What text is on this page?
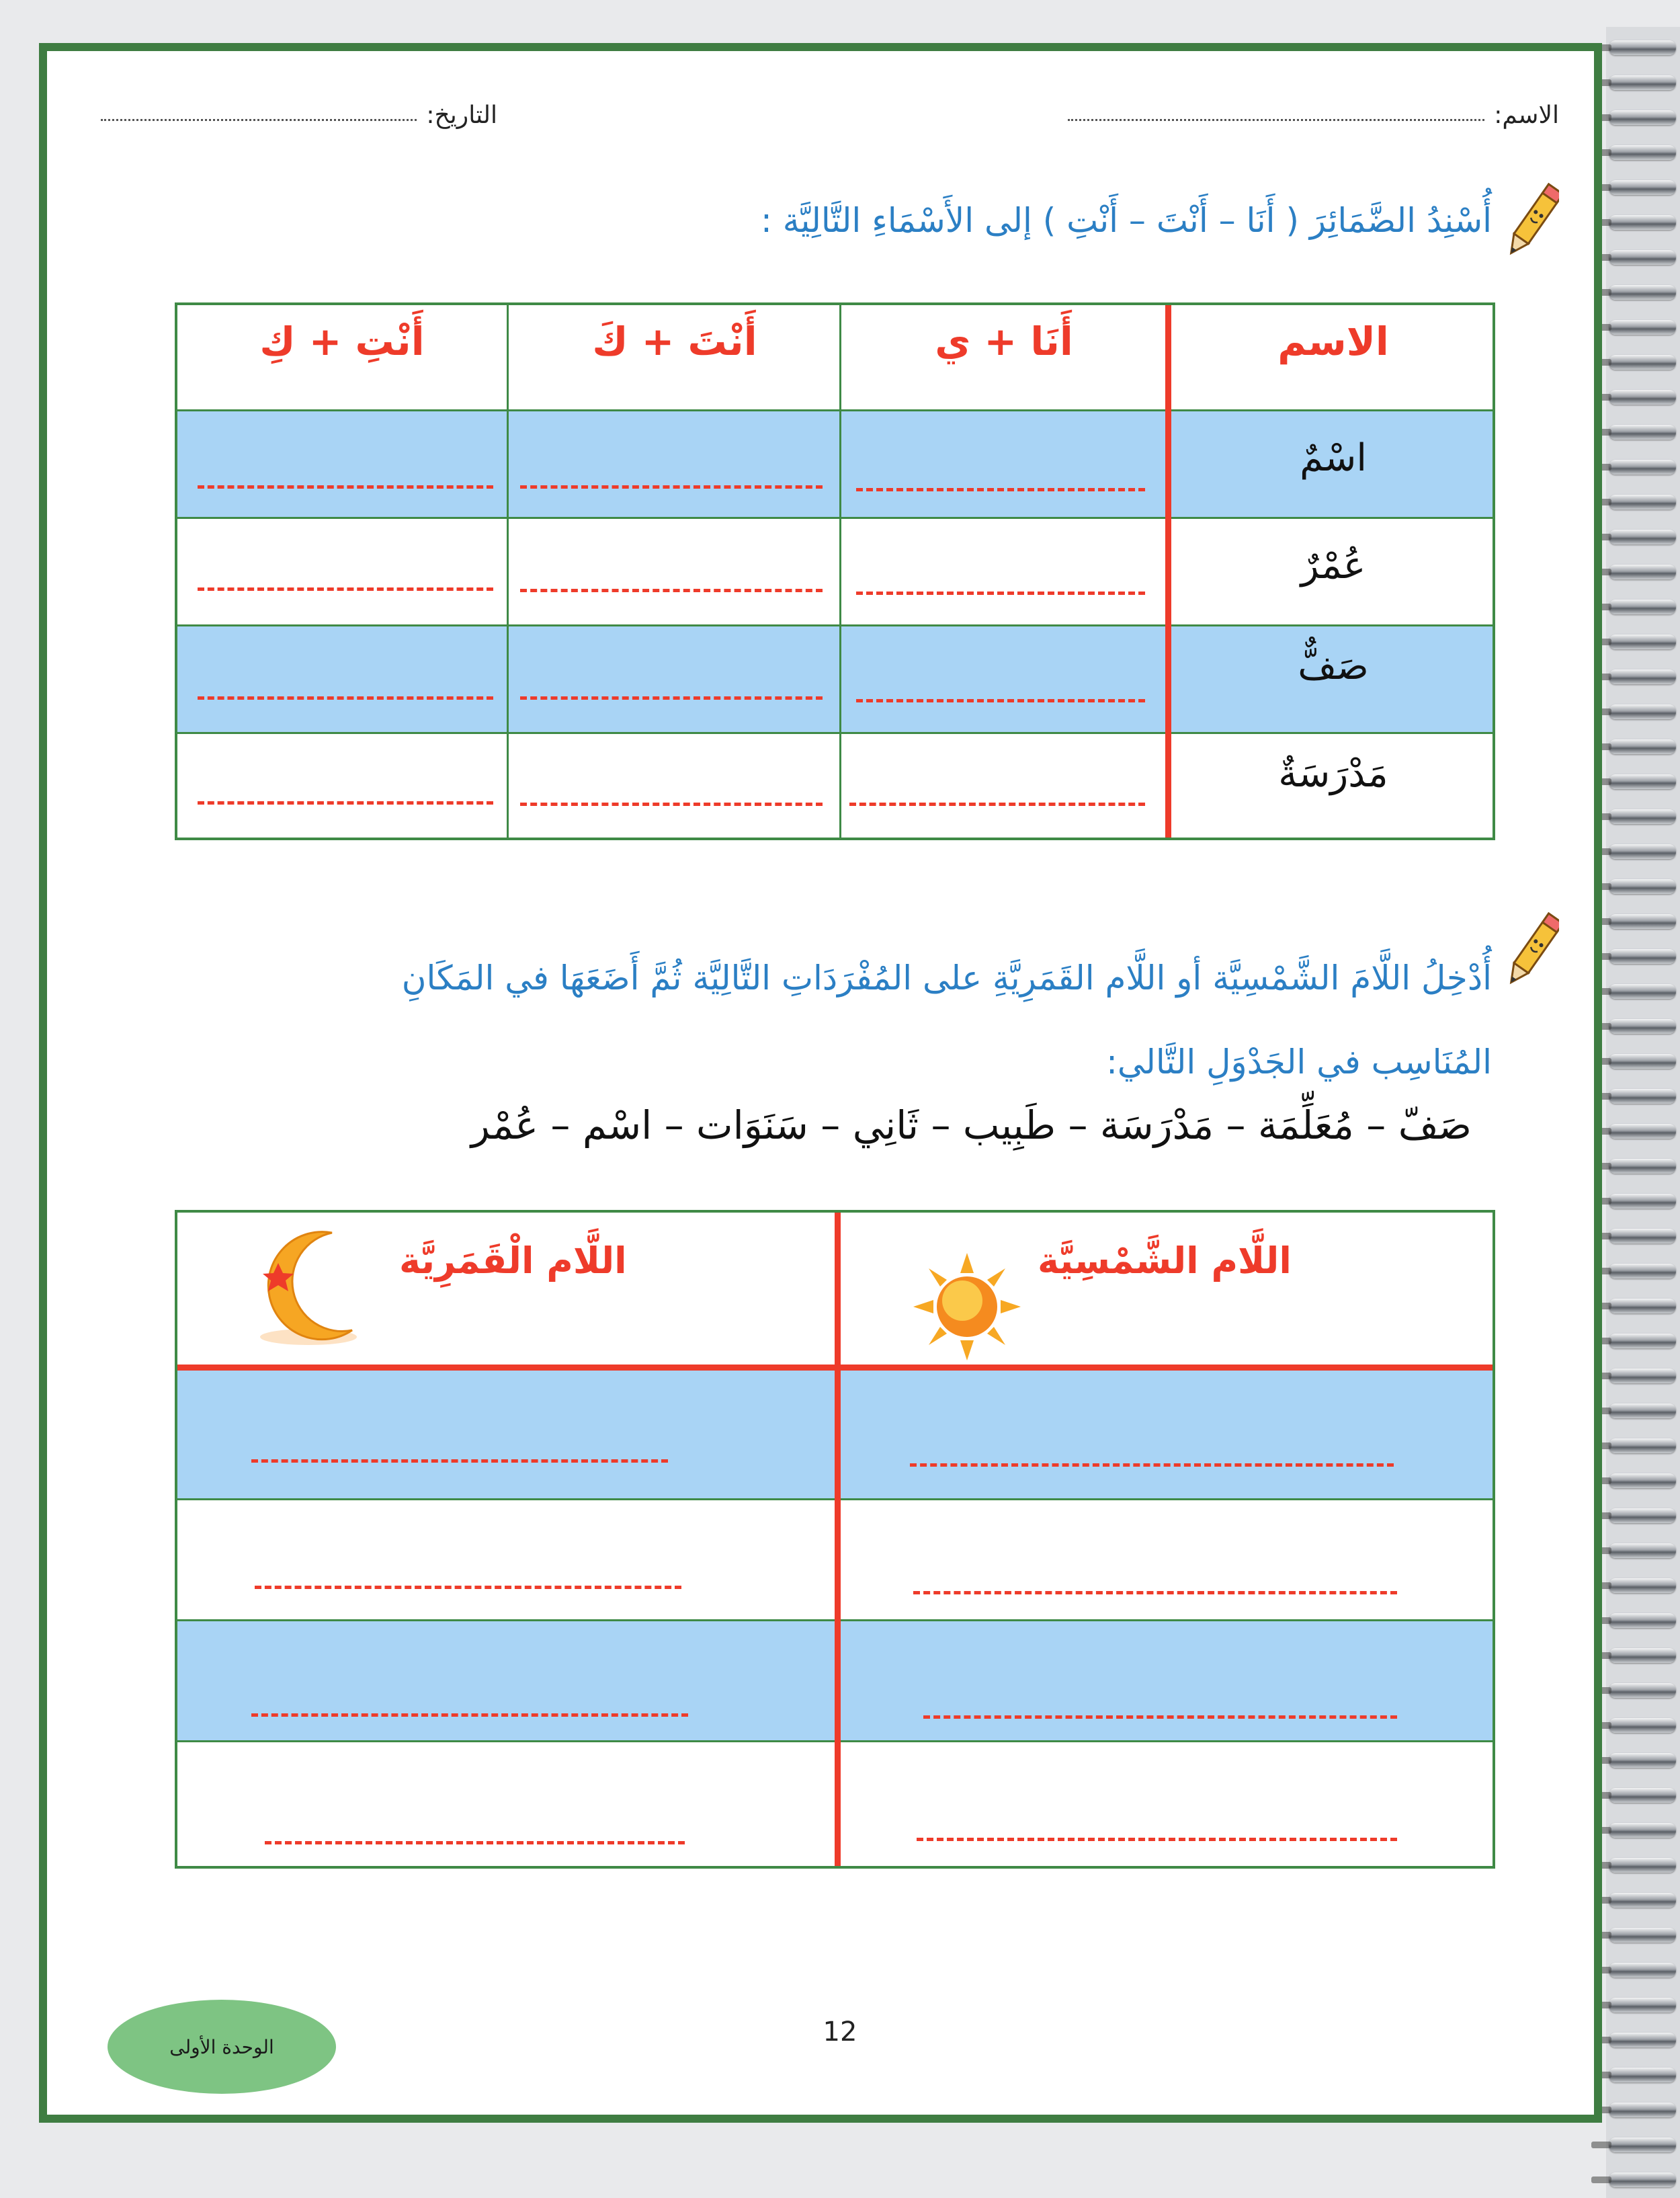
الاسم:
التاريخ:
أُسْنِدُ الضَّمَائِرَ ( أَنَا – أَنْتَ – أَنْتِ ) إلى الأَسْمَاءِ التَّالِيَّة :
الاسم
أَنَا + ي
أَنْتَ + كَ
أَنْتِ + كِ
اسْمٌ
عُمْرٌ
صَفٌّ
مَدْرَسَةٌ
أُدْخِلُ اللَّامَ الشَّمْسِيَّة أو اللَّام القَمَرِيَّةِ على المُفْرَدَاتِ التَّالِيَّة ثُمَّ أَضَعَهَا في المَكَانِ
المُنَاسِب في الجَدْوَلِ التَّالي:
صَفّ – مُعَلِّمَة – مَدْرَسَة – طَبِيب – ثَانِي – سَنَوَات – اسْم – عُمْر
اللَّام الشَّمْسِيَّة
اللَّام الْقَمَرِيَّة
الوحدة الأولى	12
